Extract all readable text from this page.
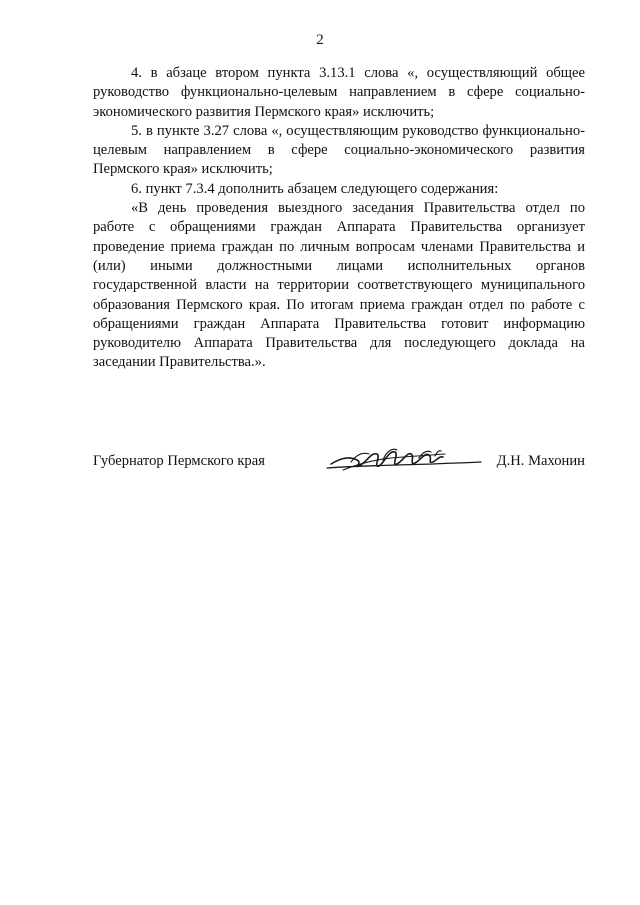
2

4. в абзаце втором пункта 3.13.1 слова «, осуществляющий общее руководство функционально-целевым направлением в сфере социально-экономического развития Пермского края» исключить;

5. в пункте 3.27 слова «, осуществляющим руководство функционально-целевым направлением в сфере социально-экономического развития Пермского края» исключить;

6. пункт 7.3.4 дополнить абзацем следующего содержания:

«В день проведения выездного заседания Правительства отдел по работе с обращениями граждан Аппарата Правительства организует проведение приема граждан по личным вопросам членами Правительства и (или) иными должностными лицами исполнительных органов государственной власти на территории соответствующего муниципального образования Пермского края. По итогам приема граждан отдел по работе с обращениями граждан Аппарата Правительства готовит информацию руководителю Аппарата Правительства для последующего доклада на заседании Правительства.».

Губернатор Пермского края	Д.Н. Махонин
